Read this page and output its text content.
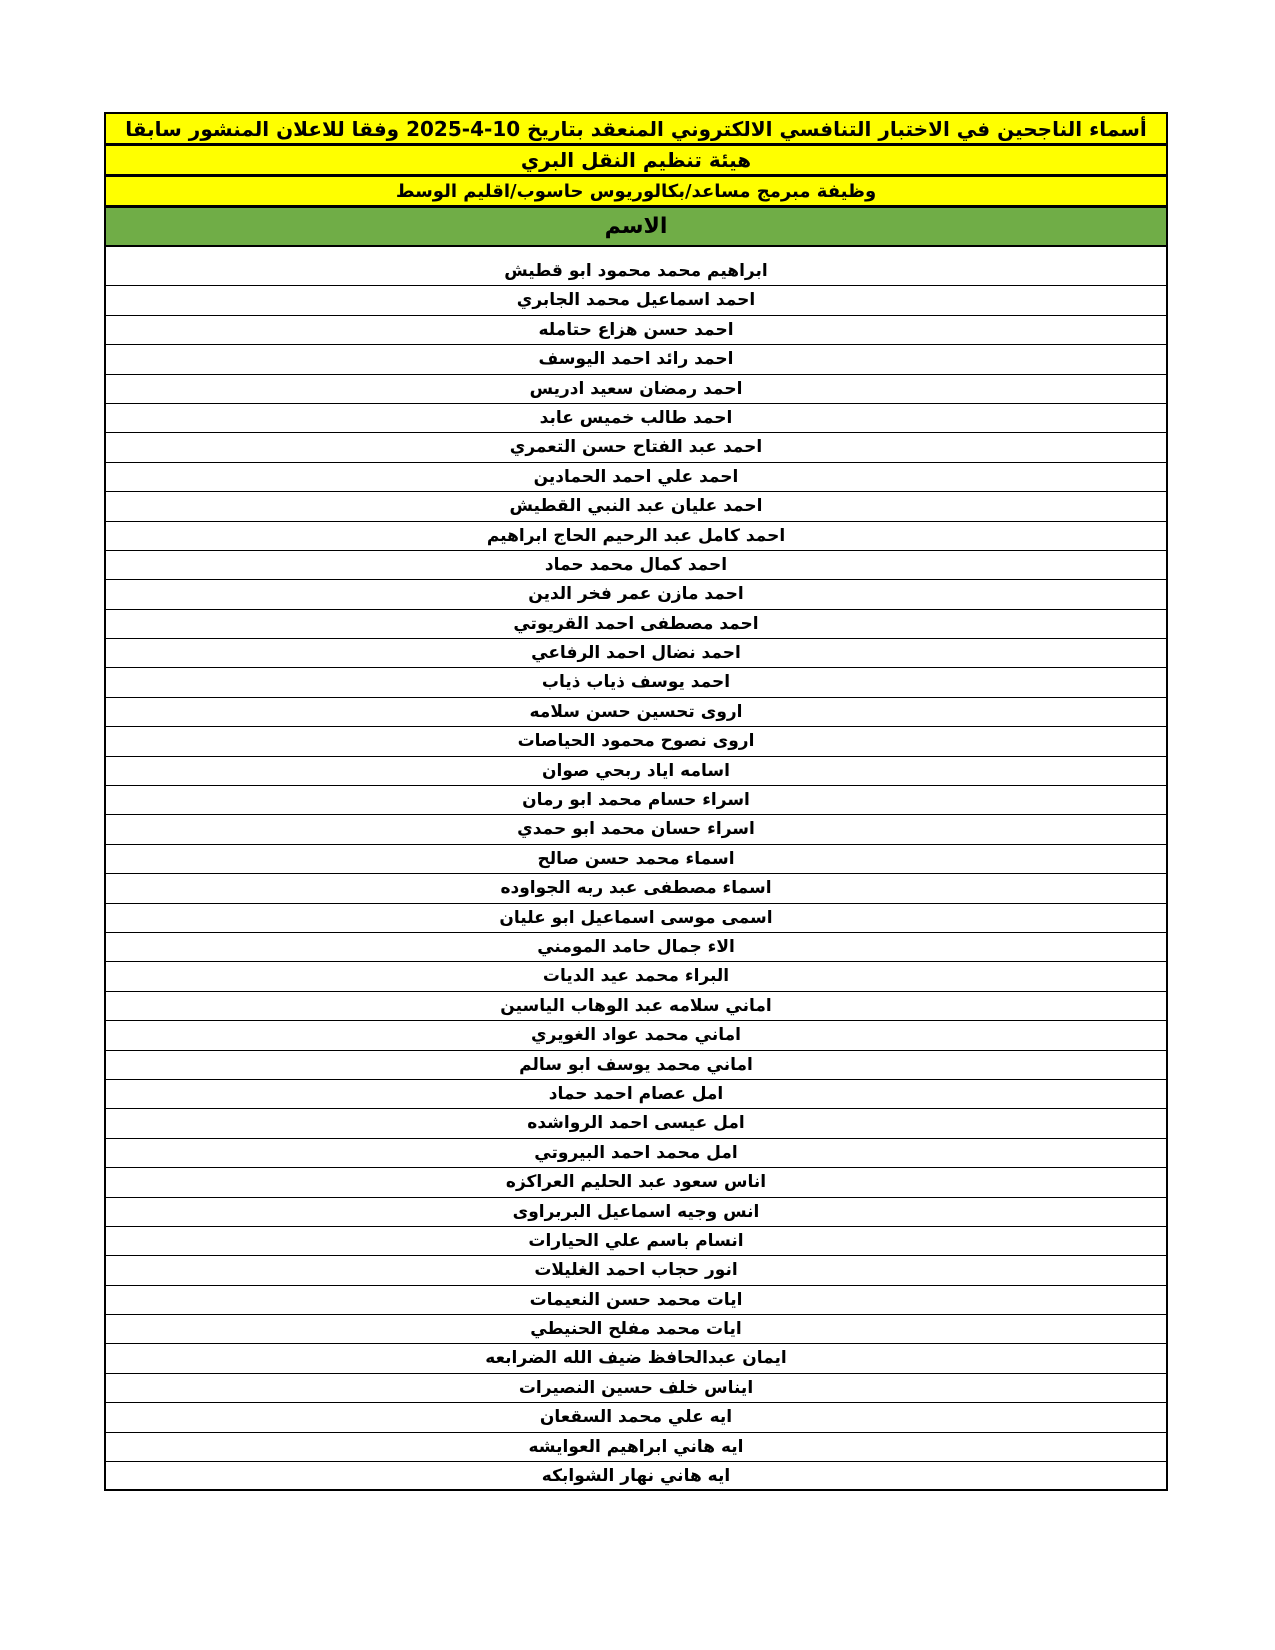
أسماء الناجحين في الاختبار التنافسي الالكتروني المنعقد بتاريخ 10-4-2025 وفقا للاعلان المنشور سابقا
هيئة تنظيم النقل البري
وظيفة مبرمج مساعد/بكالوريوس حاسوب/اقليم الوسط
الاسم
ابراهيم محمد محمود ابو قطيش
احمد اسماعيل محمد الجابري
احمد حسن هزاع حتامله
احمد رائد احمد اليوسف
احمد رمضان سعيد ادريس
احمد طالب خميس عابد
احمد عبد الفتاح حسن التعمري
احمد علي احمد الحمادين
احمد عليان عبد النبي القطيش
احمد كامل عبد الرحيم الحاج ابراهيم
احمد كمال محمد حماد
احمد مازن عمر فخر الدين
احمد مصطفى احمد القريوتي
احمد نضال احمد الرفاعي
احمد يوسف ذياب ذياب
اروى تحسين حسن سلامه
اروى نصوح محمود الحياصات
اسامه اياد ربحي صوان
اسراء حسام محمد ابو رمان
اسراء حسان محمد ابو حمدي
اسماء محمد حسن صالح
اسماء مصطفى عبد ربه الجواوده
اسمى موسى اسماعيل ابو عليان
الاء جمال حامد المومني
البراء محمد عيد الديات
اماني سلامه عبد الوهاب الياسين
اماني محمد عواد الغويري
اماني محمد يوسف ابو سالم
امل عصام احمد حماد
امل عيسى احمد الرواشده
امل محمد احمد البيروتي
اناس سعود عبد الحليم العراكزه
انس وجيه اسماعيل البربراوى
انسام باسم علي الحيارات
انور حجاب احمد الغليلات
ايات محمد حسن النعيمات
ايات محمد مفلح الحنيطي
ايمان عبدالحافظ ضيف الله الضرابعه
ايناس خلف حسين النصيرات
ايه علي محمد السقعان
ايه هاني ابراهيم العوايشه
ايه هاني نهار الشوابكه
